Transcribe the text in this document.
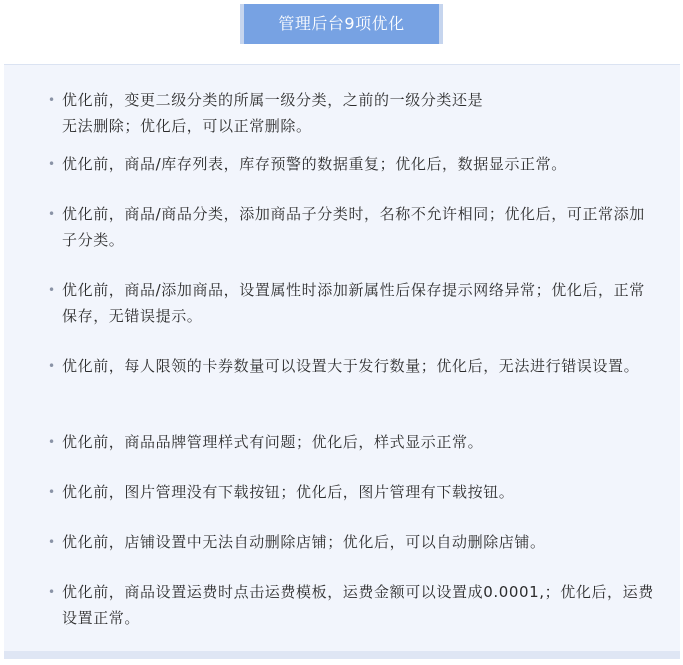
管理后台9项优化
• 优化前，变更二级分类的所属一级分类，之前的一级分类还是
无法删除；优化后，可以正常删除。
• 优化前，商品/库存列表，库存预警的数据重复；优化后，数据显示正常。
• 优化前，商品/商品分类，添加商品子分类时，名称不允许相同；优化后，可正常添加子分类。
• 优化前，商品/添加商品，设置属性时添加新属性后保存提示网络异常；优化后，正常保存，无错误提示。
• 优化前，每人限领的卡券数量可以设置大于发行数量；优化后，无法进行错误设置。
• 优化前，商品品牌管理样式有问题；优化后，样式显示正常。
• 优化前，图片管理没有下载按钮；优化后，图片管理有下载按钮。
• 优化前，店铺设置中无法自动删除店铺；优化后，可以自动删除店铺。
• 优化前，商品设置运费时点击运费模板，运费金额可以设置成0.0001,；优化后，运费设置正常。
